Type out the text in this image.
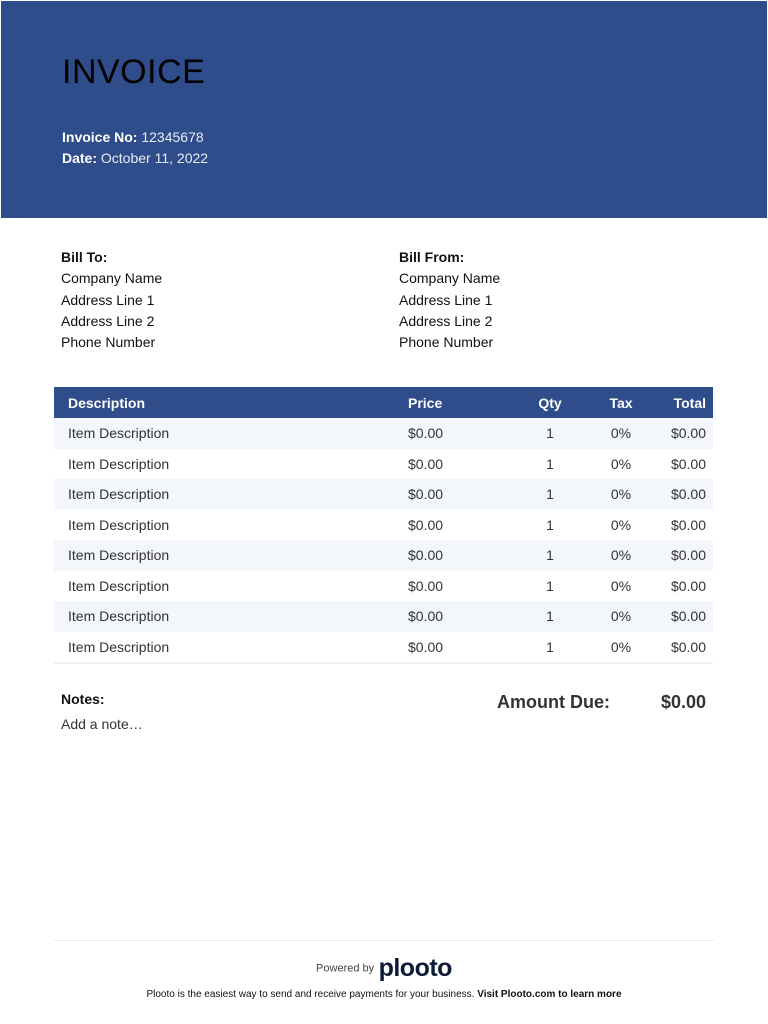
INVOICE
Invoice No: 12345678
Date: October 11, 2022
Bill To:
Company Name
Address Line 1
Address Line 2
Phone Number
Bill From:
Company Name
Address Line 1
Address Line 2
Phone Number
Description	Price	Qty	Tax	Total
Item Description	$0.00	1	0%	$0.00
Item Description	$0.00	1	0%	$0.00
Item Description	$0.00	1	0%	$0.00
Item Description	$0.00	1	0%	$0.00
Item Description	$0.00	1	0%	$0.00
Item Description	$0.00	1	0%	$0.00
Item Description	$0.00	1	0%	$0.00
Item Description	$0.00	1	0%	$0.00
Notes:
Add a note…
Amount Due:	$0.00
Powered by plooto
Plooto is the easiest way to send and receive payments for your business. Visit Plooto.com to learn more
